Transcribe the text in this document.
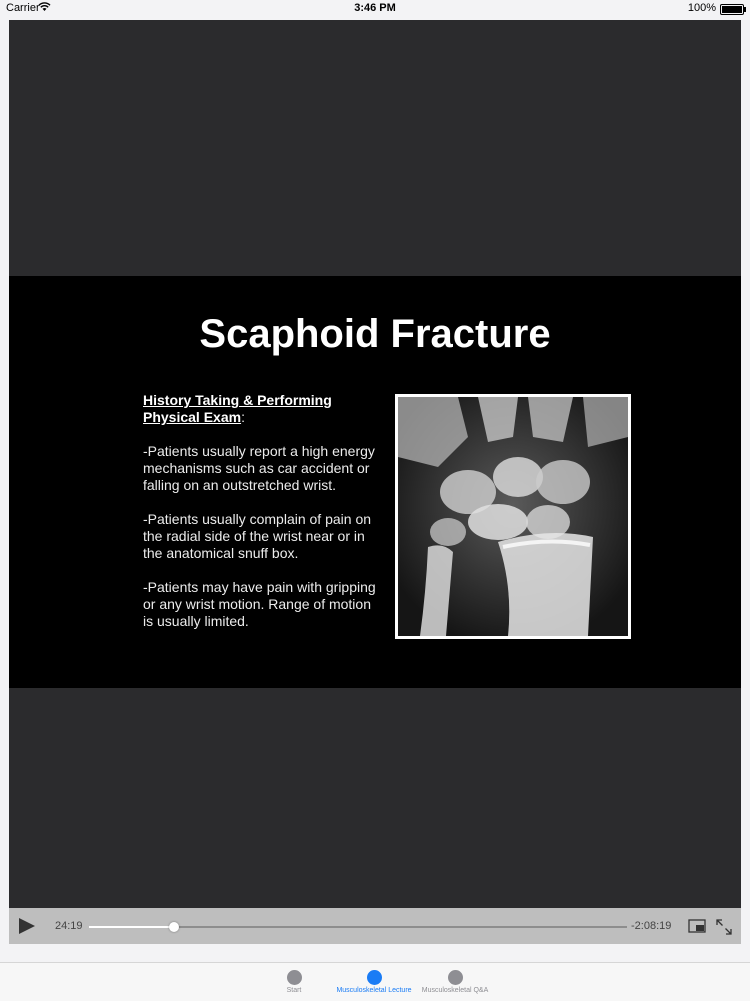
Carrier	3:46 PM	100%
Scaphoid Fracture

History Taking & Performing Physical Exam:

-Patients usually report a high energy mechanisms such as car accident or falling on an outstretched wrist.

-Patients usually complain of pain on the radial side of the wrist near or in the anatomical snuff box.

-Patients may have pain with gripping or any wrist motion. Range of motion is usually limited.

24:19	-2:08:19
Start	Musculoskeletal Lecture	Musculoskeletal Q&A
